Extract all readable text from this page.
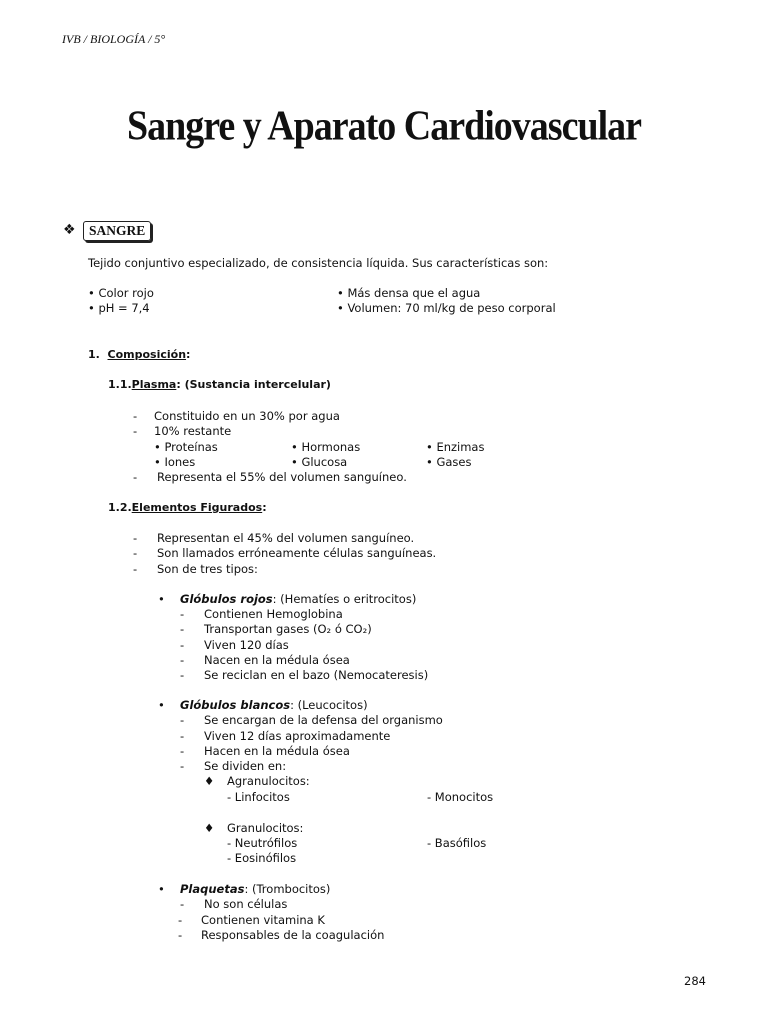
IVB / BIOLOGÍA / 5°
Sangre y Aparato Cardiovascular
❖ SANGRE
Tejido conjuntivo especializado, de consistencia líquida. Sus características son:
• Color rojo	• Más densa que el agua
• pH = 7,4	• Volumen: 70 ml/kg de peso corporal
1. Composición:
1.1.Plasma: (Sustancia intercelular)
- Constituido en un 30% por agua
- 10% restante
• Proteínas	• Hormonas	• Enzimas
• Iones	• Glucosa	• Gases
- Representa el 55% del volumen sanguíneo.
1.2.Elementos Figurados:
- Representan el 45% del volumen sanguíneo.
- Son llamados erróneamente células sanguíneas.
- Son de tres tipos:
• Glóbulos rojos: (Hematíes o eritrocitos)
- Contienen Hemoglobina
- Transportan gases (O₂ ó CO₂)
- Viven 120 días
- Nacen en la médula ósea
- Se reciclan en el bazo (Nemocateresis)
• Glóbulos blancos: (Leucocitos)
- Se encargan de la defensa del organismo
- Viven 12 días aproximadamente
- Hacen en la médula ósea
- Se dividen en:
♦ Agranulocitos:
- Linfocitos	- Monocitos
♦ Granulocitos:
- Neutrófilos	- Basófilos
- Eosinófilos
• Plaquetas: (Trombocitos)
- No son células
- Contienen vitamina K
- Responsables de la coagulación
284
